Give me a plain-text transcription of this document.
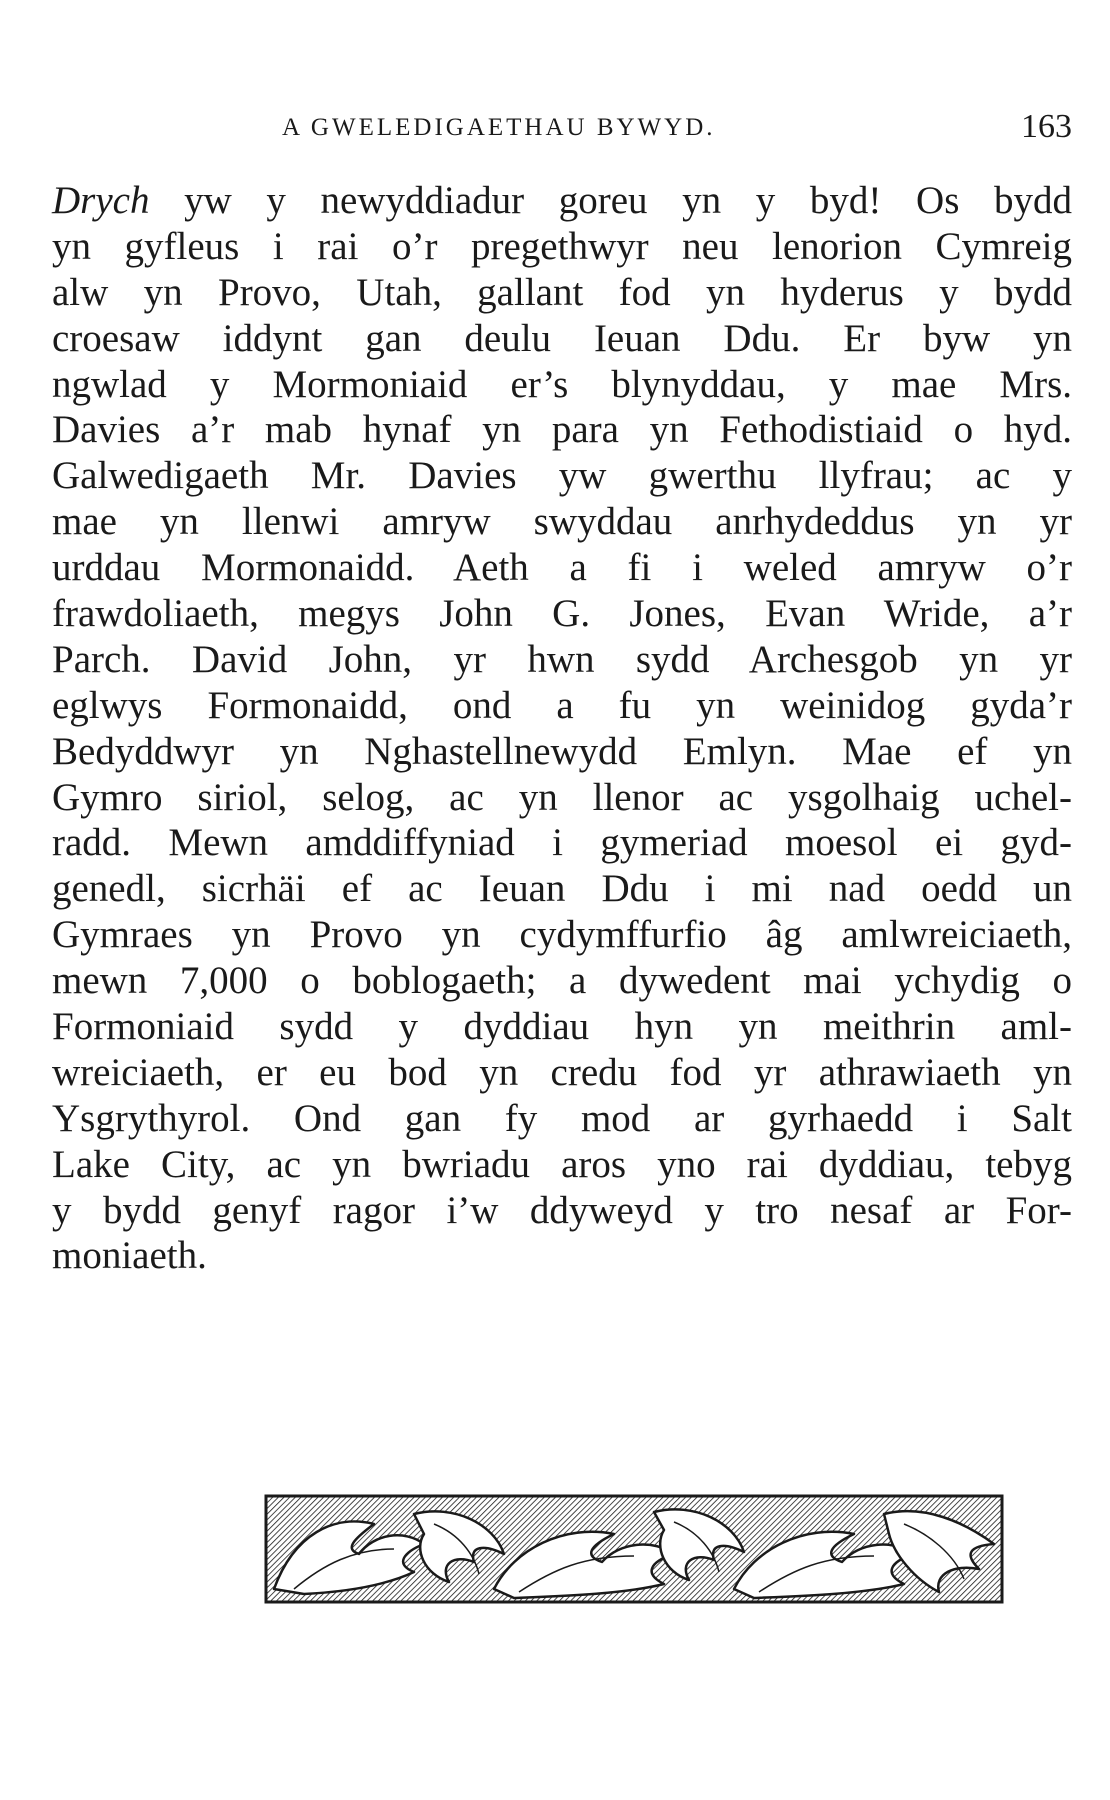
A GWELEDIGAETHAU BYWYD.	163
Drych yw y newyddiadur goreu yn y byd! Os bydd
yn gyfleus i rai o’r pregethwyr neu lenorion Cymreig
alw yn Provo, Utah, gallant fod yn hyderus y bydd
croesaw iddynt gan deulu Ieuan Ddu. Er byw yn
ngwlad y Mormoniaid er’s blynyddau, y mae Mrs.
Davies a’r mab hynaf yn para yn Fethodistiaid o hyd.
Galwedigaeth Mr. Davies yw gwerthu llyfrau; ac y
mae yn llenwi amryw swyddau anrhydeddus yn yr
urddau Mormonaidd. Aeth a fi i weled amryw o’r
frawdoliaeth, megys John G. Jones, Evan Wride, a’r
Parch. David John, yr hwn sydd Archesgob yn yr
eglwys Formonaidd, ond a fu yn weinidog gyda’r
Bedyddwyr yn Nghastellnewydd Emlyn. Mae ef yn
Gymro siriol, selog, ac yn llenor ac ysgolhaig uchel-
radd. Mewn amddiffyniad i gymeriad moesol ei gyd-
genedl, sicrhäi ef ac Ieuan Ddu i mi nad oedd un
Gymraes yn Provo yn cydymffurfio âg amlwreiciaeth,
mewn 7,000 o boblogaeth; a dywedent mai ychydig o
Formoniaid sydd y dyddiau hyn yn meithrin aml-
wreiciaeth, er eu bod yn credu fod yr athrawiaeth yn
Ysgrythyrol. Ond gan fy mod ar gyrhaedd i Salt
Lake City, ac yn bwriadu aros yno rai dyddiau, tebyg
y bydd genyf ragor i’w ddyweyd y tro nesaf ar For-
moniaeth.
